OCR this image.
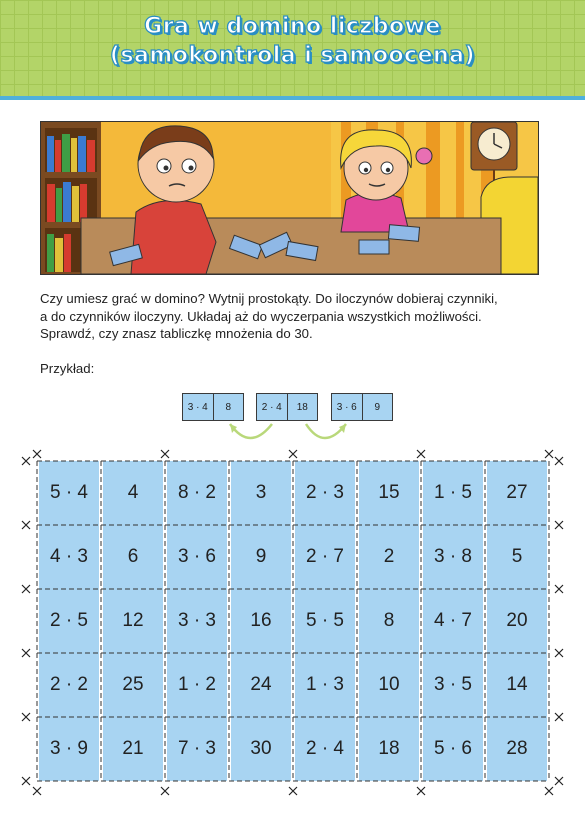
Gra w domino liczbowe
(samokontrola i samoocena)
Czy umiesz grać w domino? Wytnij prostokąty. Do iloczynów dobieraj czynniki,
a do czynników iloczyny. Układaj aż do wyczerpania wszystkich możliwości.
Sprawdź, czy znasz tabliczkę mnożenia do 30.
Przykład:
3 · 4	8	2 · 4	18	3 · 6	9
5 · 4	4	8 · 2	3	2 · 3	15	1 · 5	27
4 · 3	6	3 · 6	9	2 · 7	2	3 · 8	5
2 · 5	12	3 · 3	16	5 · 5	8	4 · 7	20
2 · 2	25	1 · 2	24	1 · 3	10	3 · 5	14
3 · 9	21	7 · 3	30	2 · 4	18	5 · 6	28
